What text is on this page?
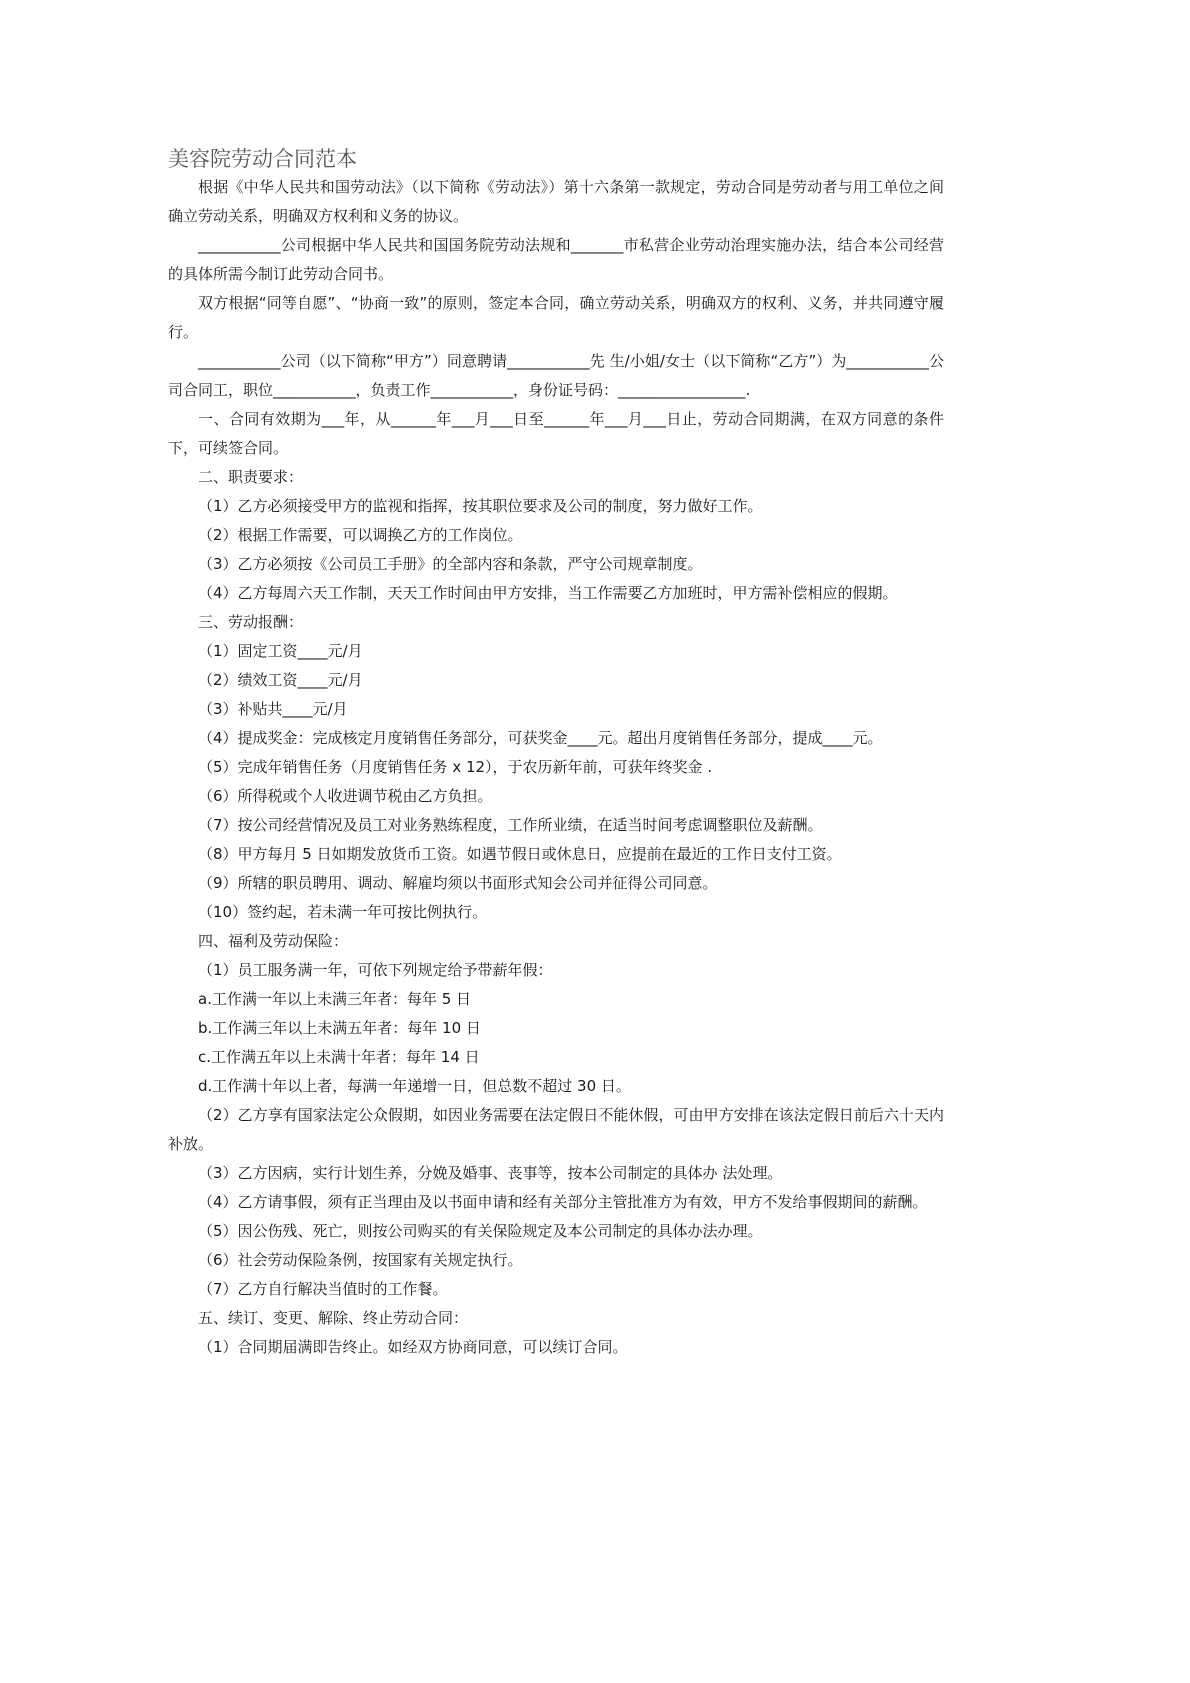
美容院劳动合同范本

根据《中华人民共和国劳动法》（以下简称《劳动法》）第十六条第一款规定，劳动合同是劳动者与用工单位之间确立劳动关系，明确双方权利和义务的协议。

___________公司根据中华人民共和国国务院劳动法规和_______市私营企业劳动治理实施办法，结合本公司经营的具体所需今制订此劳动合同书。

双方根据“同等自愿”、“协商一致”的原则，签定本合同，确立劳动关系，明确双方的权利、义务，并共同遵守履行。

___________公司（以下简称“甲方”）同意聘请___________先 生/小姐/女士（以下简称“乙方”）为___________公司合同工，职位___________，负责工作___________，身份证号码：_________________.

一、合同有效期为___年，从______年___月___日至______年___月___日止，劳动合同期满，在双方同意的条件下，可续签合同。

二、职责要求：

（1）乙方必须接受甲方的监视和指挥，按其职位要求及公司的制度，努力做好工作。

（2）根据工作需要，可以调换乙方的工作岗位。

（3）乙方必须按《公司员工手册》的全部内容和条款，严守公司规章制度。

（4）乙方每周六天工作制，天天工作时间由甲方安排，当工作需要乙方加班时，甲方需补偿相应的假期。

三、劳动报酬：

（1）固定工资____元/月

（2）绩效工资____元/月

（3）补贴共____元/月

（4）提成奖金：完成核定月度销售任务部分，可获奖金____元。超出月度销售任务部分，提成____元。

（5）完成年销售任务（月度销售任务 x 12），于农历新年前，可获年终奖金 .

（6）所得税或个人收进调节税由乙方负担。

（7）按公司经营情况及员工对业务熟练程度，工作所业绩，在适当时间考虑调整职位及薪酬。

（8）甲方每月 5 日如期发放货币工资。如遇节假日或休息日，应提前在最近的工作日支付工资。

（9）所辖的职员聘用、调动、解雇均须以书面形式知会公司并征得公司同意。

（10）签约起，若未满一年可按比例执行。

四、福利及劳动保险：

（1）员工服务满一年，可依下列规定给予带薪年假：

a.工作满一年以上未满三年者：每年 5 日

b.工作满三年以上未满五年者：每年 10 日

c.工作满五年以上未满十年者：每年 14 日

d.工作满十年以上者，每满一年递增一日，但总数不超过 30 日。

（2）乙方享有国家法定公众假期，如因业务需要在法定假日不能休假，可由甲方安排在该法定假日前后六十天内补放。

（3）乙方因病，实行计划生养，分娩及婚事、丧事等，按本公司制定的具体办 法处理。

（4）乙方请事假，须有正当理由及以书面申请和经有关部分主管批准方为有效，甲方不发给事假期间的薪酬。

（5）因公伤残、死亡，则按公司购买的有关保险规定及本公司制定的具体办法办理。

（6）社会劳动保险条例，按国家有关规定执行。

（7）乙方自行解决当值时的工作餐。

五、续订、变更、解除、终止劳动合同：

（1）合同期届满即告终止。如经双方协商同意，可以续订合同。
